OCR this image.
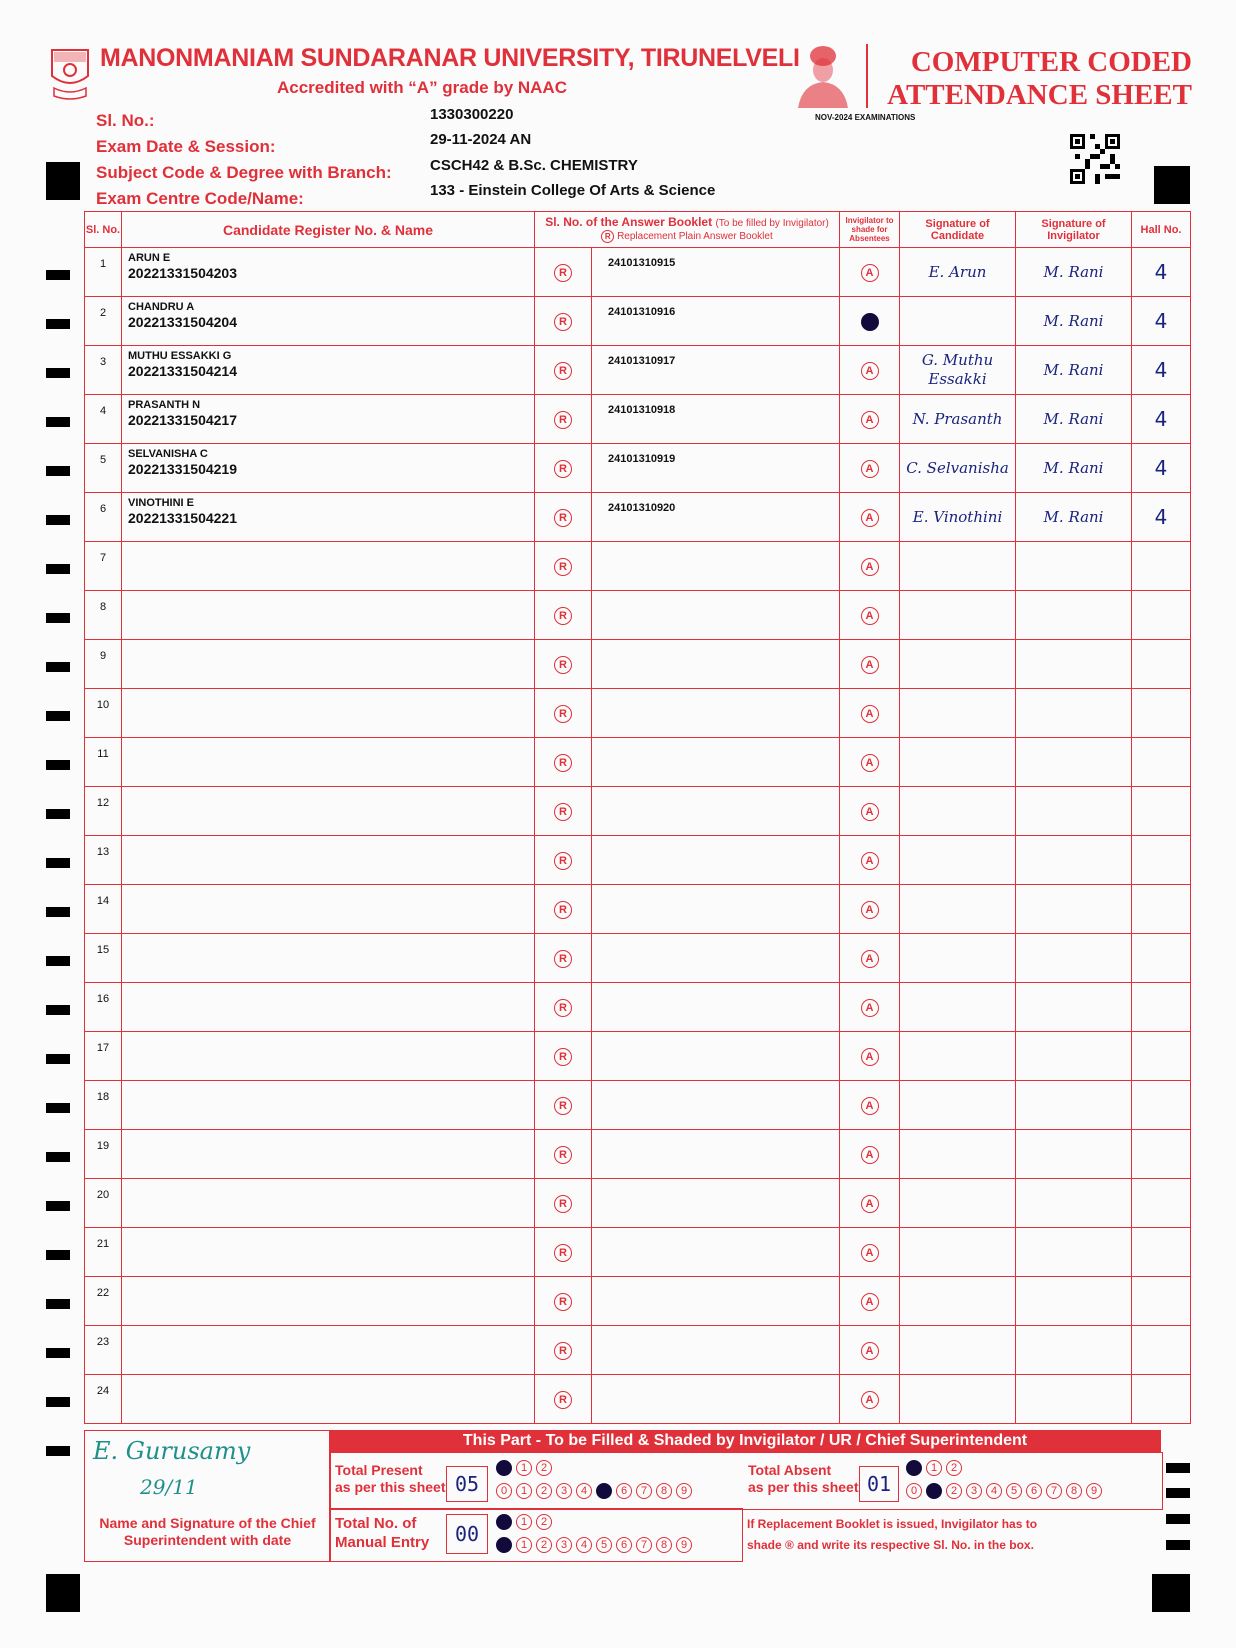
MANONMANIAM SUNDARANAR UNIVERSITY, TIRUNELVELI
Accredited with “A” grade by NAAC
COMPUTER CODED
ATTENDANCE SHEET
NOV-2024 EXAMINATIONS
Sl. No.:	1330300220
Exam Date & Session:	29-11-2024 AN
Subject Code & Degree with Branch:	CSCH42 & B.Sc. CHEMISTRY
Exam Centre Code/Name:	133 - Einstein College Of Arts & Science
Sl. No.	Candidate Register No. & Name	Sl. No. of the Answer Booklet (To be filled by Invigilator)
R Replacement Plain Answer Booklet		Invigilator to shade for Absentees	Signature of Candidate	Signature of Invigilator	Hall No.

1	ARUN E
20221331504203	R	24101310915	A	E. Arun	M. Rani	4

2	CHANDRU A
20221331504204	R	24101310916			M. Rani	4

3	MUTHU ESSAKKI G
20221331504214	R	24101310917	A	G. Muthu Essakki	M. Rani	4

4	PRASANTH N
20221331504217	R	24101310918	A	N. Prasanth	M. Rani	4

5	SELVANISHA C
20221331504219	R	24101310919	A	C. Selvanisha	M. Rani	4

6	VINOTHINI E
20221331504221	R	24101310920	A	E. Vinothini	M. Rani	4

7		R		A			

8		R		A			

9		R		A			

10		R		A			

11		R		A			

12		R		A			

13		R		A			

14		R		A			

15		R		A			

16		R		A			

17		R		A			

18		R		A			

19		R		A			

20		R		A			

21		R		A			

22		R		A			

23		R		A			

24		R		A			
This Part - To be Filled & Shaded by Invigilator / UR / Chief Superintendent
E. Gurusamy
29/11
Name and Signature of the Chief Superintendent with date
Total Present
as per this sheet 05
1 2
0 1 2 3 4	6 7 8 9
Total Absent
as per this sheet 01
1 2
0	2 3 4 5 6 7 8 9
Total No. of
Manual Entry	00	1 2
1 2 3 4 5 6 7 8 9
If Replacement Booklet is issued, Invigilator has to
shade ® and write its respective Sl. No. in the box.
